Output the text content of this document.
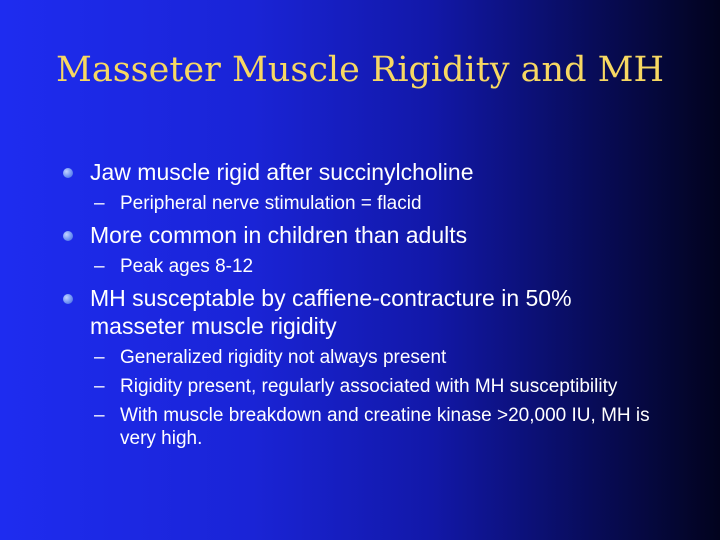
Masseter Muscle Rigidity and MH
Jaw muscle rigid after succinylcholine
– Peripheral nerve stimulation = flacid
More common in children than adults
– Peak ages 8-12
MH susceptable by caffiene-contracture in 50% masseter muscle rigidity
– Generalized rigidity not always present
– Rigidity present, regularly associated with MH susceptibility
– With muscle breakdown and creatine kinase >20,000 IU, MH is very high.
